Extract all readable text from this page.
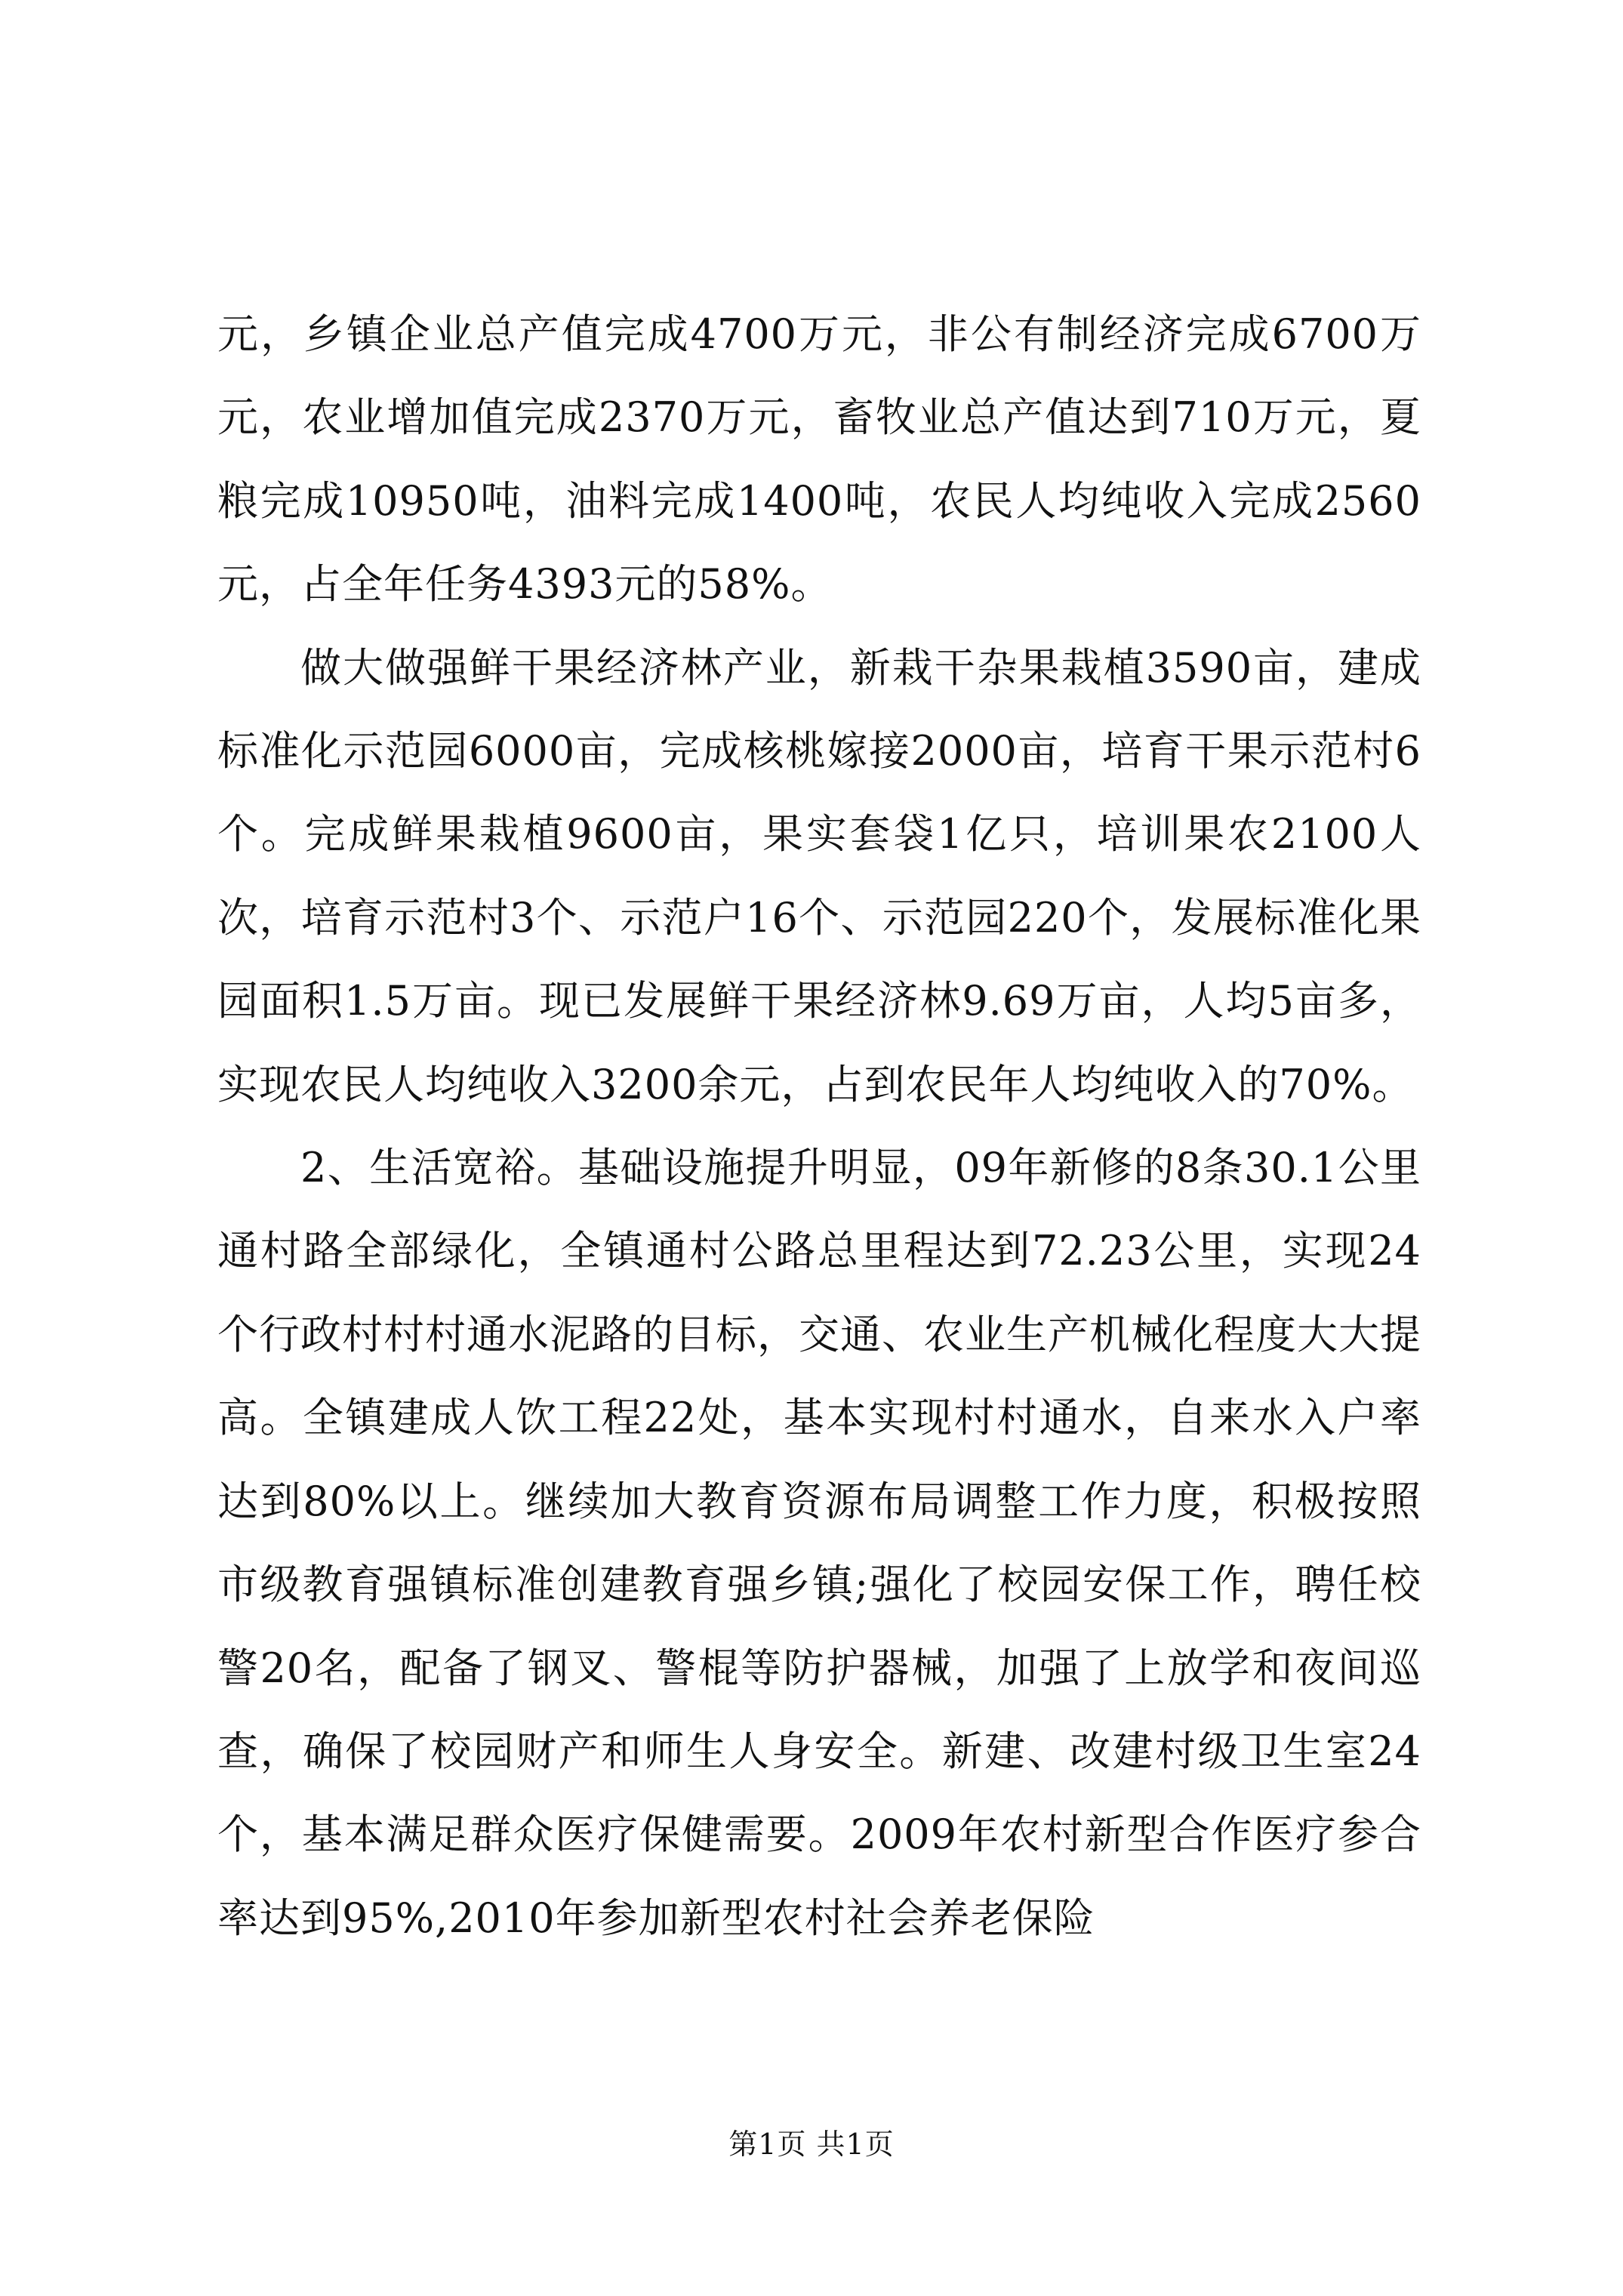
元，乡镇企业总产值完成4700万元，非公有制经济完成6700万元，农业增加值完成2370万元，畜牧业总产值达到710万元，夏粮完成10950吨，油料完成1400吨，农民人均纯收入完成2560元，占全年任务4393元的58%。

做大做强鲜干果经济林产业，新栽干杂果栽植3590亩，建成标准化示范园6000亩，完成核桃嫁接2000亩，培育干果示范村6个。完成鲜果栽植9600亩，果实套袋1亿只，培训果农2100人次，培育示范村3个、示范户16个、示范园220个，发展标准化果园面积1.5万亩。现已发展鲜干果经济林9.69万亩，人均5亩多，实现农民人均纯收入3200余元，占到农民年人均纯收入的70%。

2、生活宽裕。基础设施提升明显，09年新修的8条30.1公里通村路全部绿化，全镇通村公路总里程达到72.23公里，实现24个行政村村村通水泥路的目标，交通、农业生产机械化程度大大提高。全镇建成人饮工程22处，基本实现村村通水，自来水入户率达到80%以上。继续加大教育资源布局调整工作力度，积极按照市级教育强镇标准创建教育强乡镇;强化了校园安保工作，聘任校警20名，配备了钢叉、警棍等防护器械，加强了上放学和夜间巡查，确保了校园财产和师生人身安全。新建、改建村级卫生室24个，基本满足群众医疗保健需要。2009年农村新型合作医疗参合率达到95%,2010年参加新型农村社会养老保险

第1页 共1页
